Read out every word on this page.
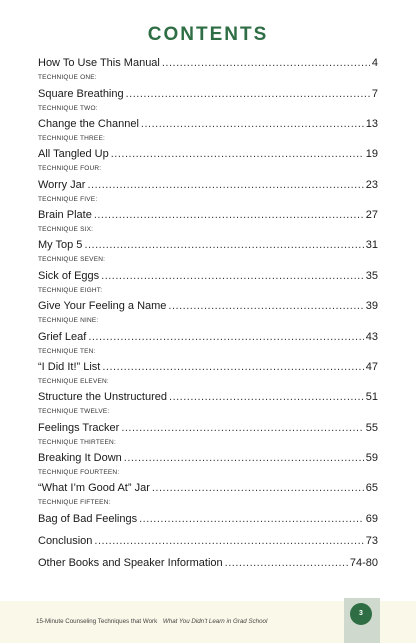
CONTENTS
How To Use This Manual .....	4
TECHNIQUE ONE:
Square Breathing .....	7
TECHNIQUE TWO:
Change the Channel .....	13
TECHNIQUE THREE:
All Tangled Up .....	19
TECHNIQUE FOUR:
Worry Jar .....	23
TECHNIQUE FIVE:
Brain Plate .....	27
TECHNIQUE SIX:
My Top 5 .....	31
TECHNIQUE SEVEN:
Sick of Eggs .....	35
TECHNIQUE EIGHT:
Give Your Feeling a Name .....	39
TECHNIQUE NINE:
Grief Leaf .....	43
TECHNIQUE TEN:
“I Did It!” List .....	47
TECHNIQUE ELEVEN:
Structure the Unstructured .....	51
TECHNIQUE TWELVE:
Feelings Tracker .....	55
TECHNIQUE THIRTEEN:
Breaking It Down .....	59
TECHNIQUE FOURTEEN:
“What I’m Good At” Jar .....	65
TECHNIQUE FIFTEEN:
Bag of Bad Feelings .....	69
Conclusion .....	73
Other Books and Speaker Information .....	74-80
15-Minute Counseling Techniques that Work What You Didn’t Learn in Grad School
3
